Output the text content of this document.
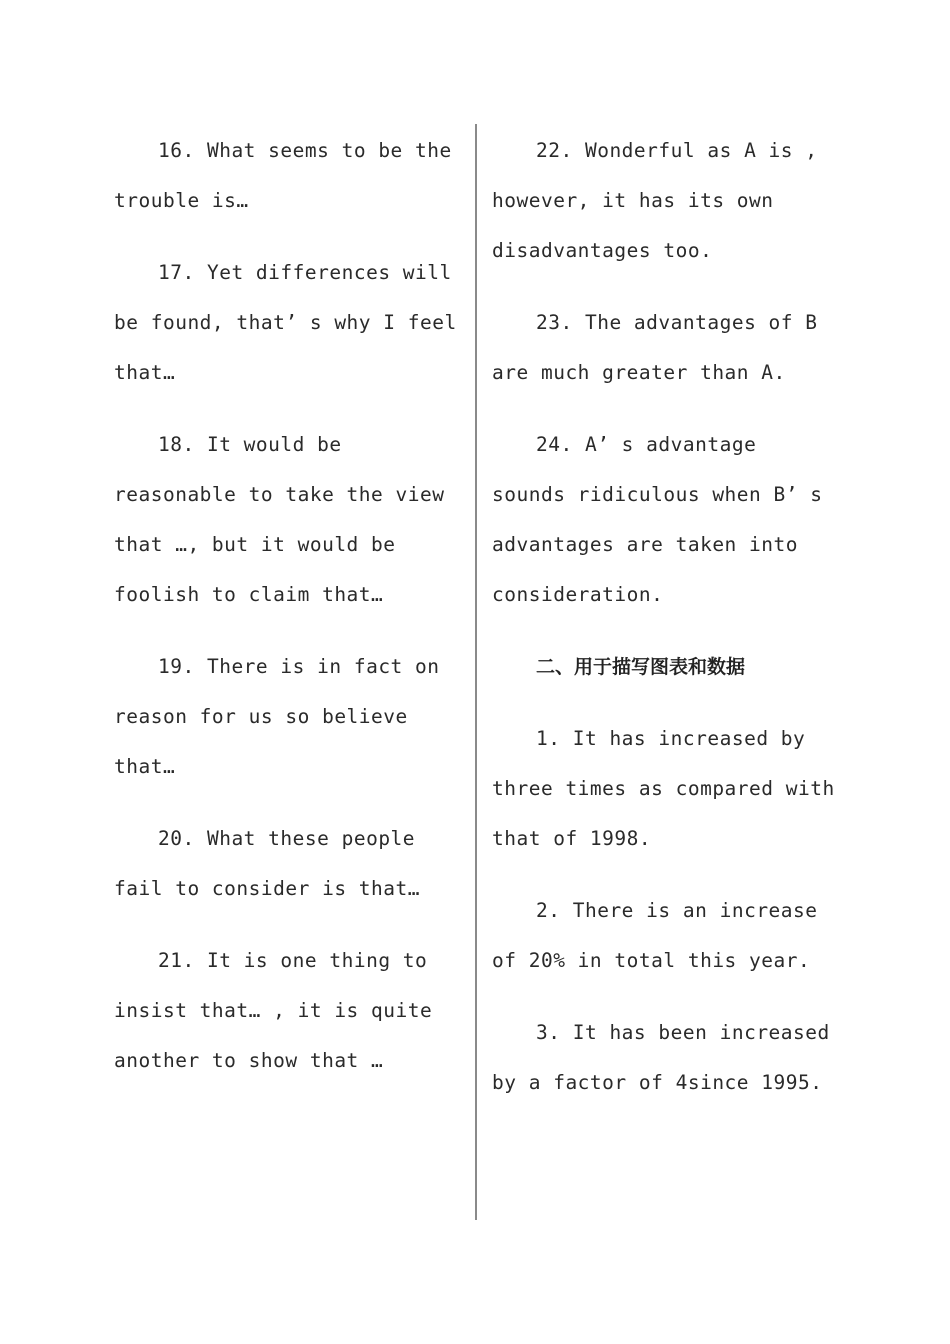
16. What seems to be the trouble is…

17. Yet differences will be found, that’ s why I feel that…

18. It would be reasonable to take the view that …, but it would be foolish to claim that…

19. There is in fact on reason for us so believe that…

20. What these people fail to consider is that…

21. It is one thing to insist that… , it is quite another to show that …

22. Wonderful as A is , however, it has its own disadvantages too.

23. The advantages of B are much greater than A.

24. A’ s advantage sounds ridiculous when B’ s advantages are taken into consideration.

二、用于描写图表和数据

1. It has increased by three times as compared with that of 1998.

2. There is an increase of 20% in total this year.

3. It has been increased by a factor of 4since 1995.
